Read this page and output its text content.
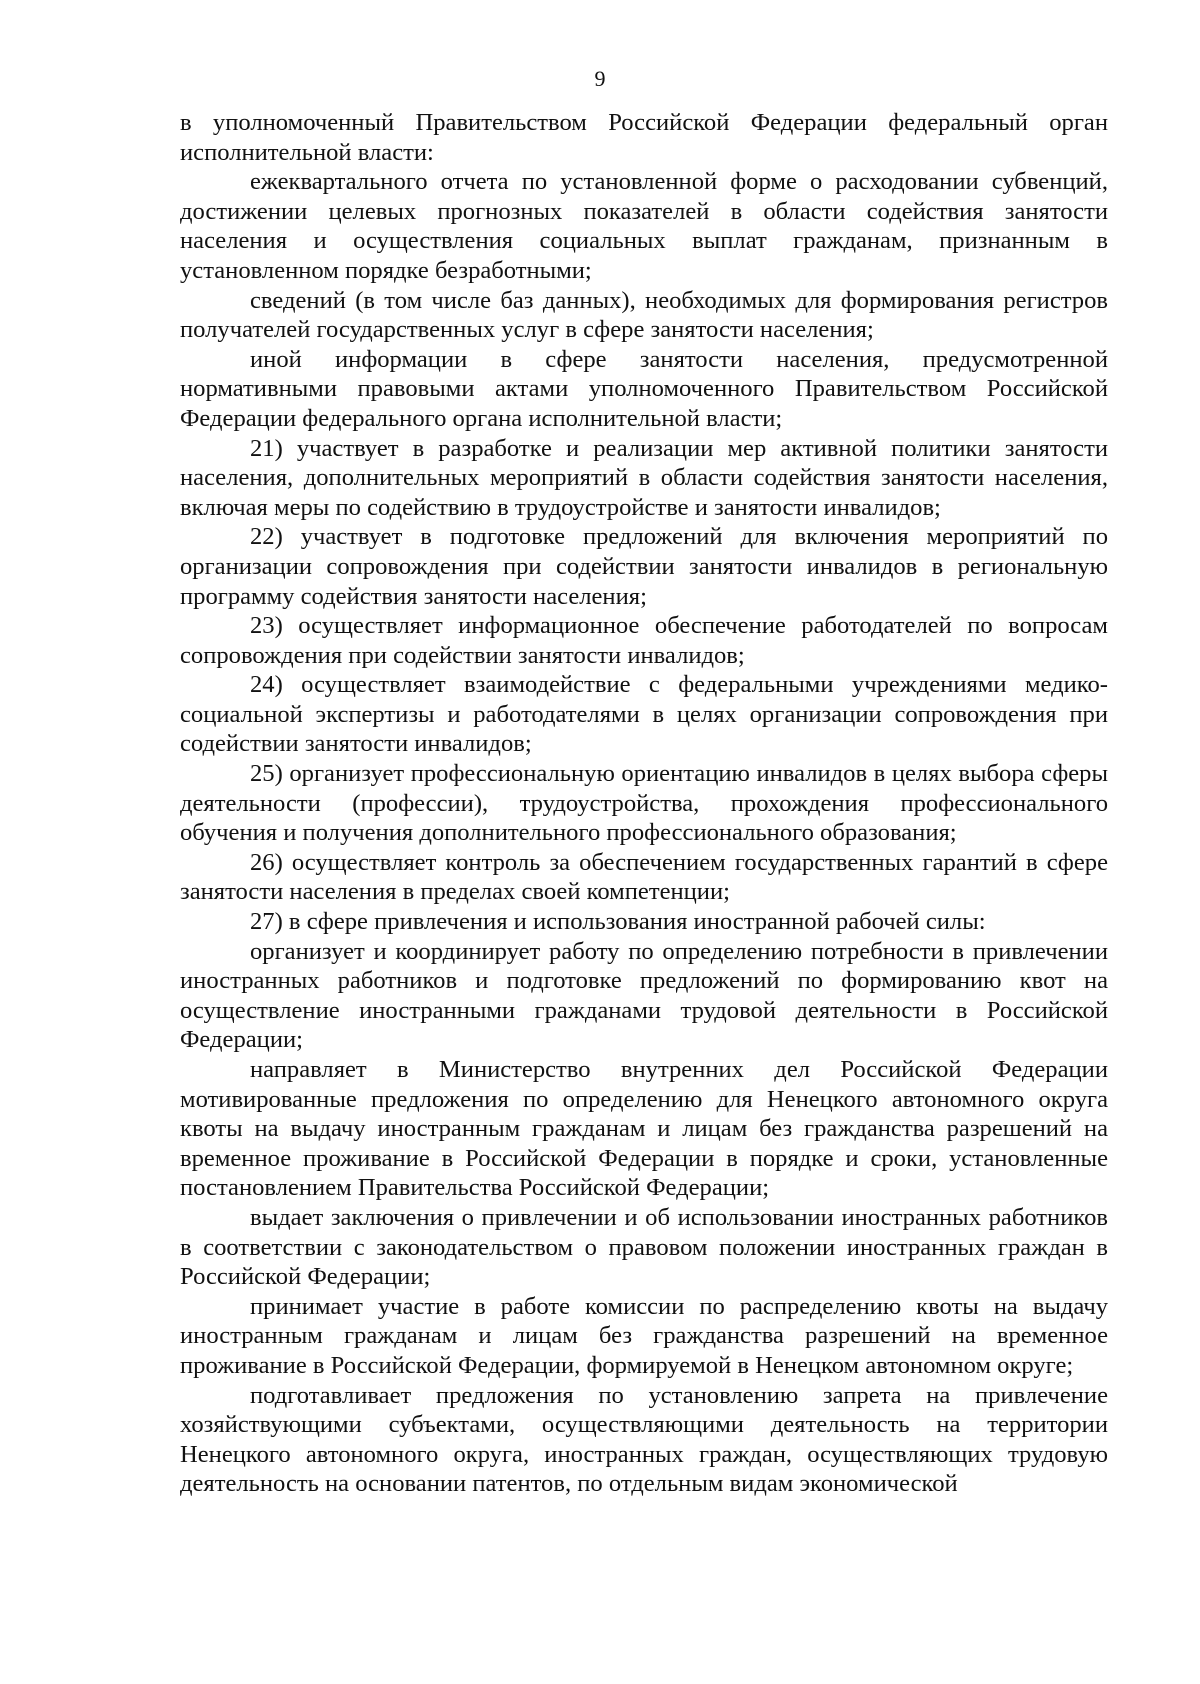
9

в уполномоченный Правительством Российской Федерации федеральный орган исполнительной власти:

ежеквартального отчета по установленной форме о расходовании субвенций, достижении целевых прогнозных показателей в области содействия занятости населения и осуществления социальных выплат гражданам, признанным в установленном порядке безработными;

сведений (в том числе баз данных), необходимых для формирования регистров получателей государственных услуг в сфере занятости населения;

иной информации в сфере занятости населения, предусмотренной нормативными правовыми актами уполномоченного Правительством Российской Федерации федерального органа исполнительной власти;

21) участвует в разработке и реализации мер активной политики занятости населения, дополнительных мероприятий в области содействия занятости населения, включая меры по содействию в трудоустройстве и занятости инвалидов;

22) участвует в подготовке предложений для включения мероприятий по организации сопровождения при содействии занятости инвалидов в региональную программу содействия занятости населения;

23) осуществляет информационное обеспечение работодателей по вопросам сопровождения при содействии занятости инвалидов;

24) осуществляет взаимодействие с федеральными учреждениями медико-социальной экспертизы и работодателями в целях организации сопровождения при содействии занятости инвалидов;

25) организует профессиональную ориентацию инвалидов в целях выбора сферы деятельности (профессии), трудоустройства, прохождения профессионального обучения и получения дополнительного профессионального образования;

26) осуществляет контроль за обеспечением государственных гарантий в сфере занятости населения в пределах своей компетенции;

27) в сфере привлечения и использования иностранной рабочей силы:

организует и координирует работу по определению потребности в привлечении иностранных работников и подготовке предложений по формированию квот на осуществление иностранными гражданами трудовой деятельности в Российской Федерации;

направляет в Министерство внутренних дел Российской Федерации мотивированные предложения по определению для Ненецкого автономного округа квоты на выдачу иностранным гражданам и лицам без гражданства разрешений на временное проживание в Российской Федерации в порядке и сроки, установленные постановлением Правительства Российской Федерации;

выдает заключения о привлечении и об использовании иностранных работников в соответствии с законодательством о правовом положении иностранных граждан в Российской Федерации;

принимает участие в работе комиссии по распределению квоты на выдачу иностранным гражданам и лицам без гражданства разрешений на временное проживание в Российской Федерации, формируемой в Ненецком автономном округе;

подготавливает предложения по установлению запрета на привлечение хозяйствующими субъектами, осуществляющими деятельность на территории Ненецкого автономного округа, иностранных граждан, осуществляющих трудовую деятельность на основании патентов, по отдельным видам экономической
